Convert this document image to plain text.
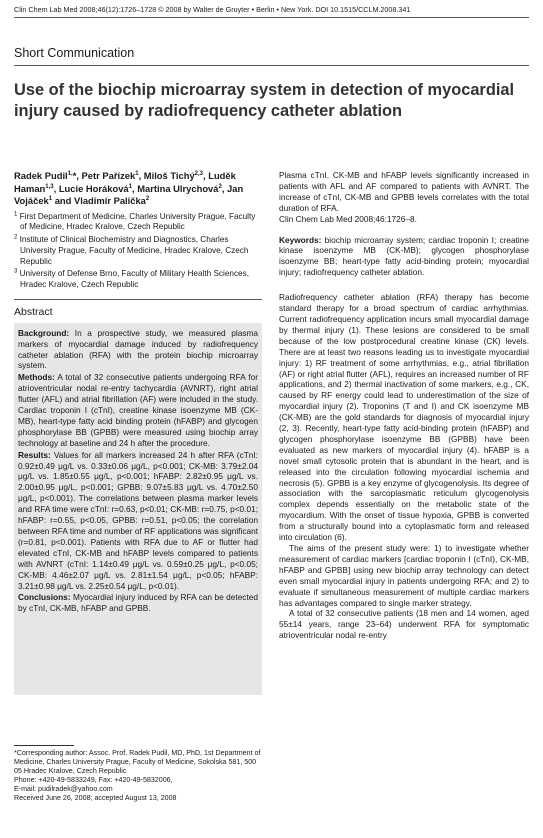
Clin Chem Lab Med 2008;46(12):1726–1728 © 2008 by Walter de Gruyter • Berlin • New York. DOI 10.1515/CCLM.2008.341
Short Communication
Use of the biochip microarray system in detection of myocardial injury caused by radiofrequency catheter ablation

Radek Pudil$^{1,}$*, Petr Pařízek$^1$, Miloš Tichý$^{2,3}$, Luděk Haman$^{1,3}$, Lucie Horáková$^1$, Martina Ulrychová$^2$, Jan Vojáček$^1$ and Vladimír Palička$^2$

$^1$ First Department of Medicine, Charles University Prague, Faculty of Medicine, Hradec Kralove, Czech Republic

$^2$ Institute of Clinical Biochemistry and Diagnostics, Charles University Prague, Faculty of Medicine, Hradec Kralove, Czech Republic

$^3$ University of Defense Brno, Faculty of Military Health Sciences, Hradec Kralove, Czech Republic

Abstract

Background: In a prospective study, we measured plasma markers of myocardial damage induced by radiofrequency catheter ablation (RFA) with the protein biochip microarray system.

Methods: A total of 32 consecutive patients undergoing RFA for atrioventricular nodal re-entry tachycardia (AVNRT), right atrial flutter (AFL) and atrial fibrillation (AF) were included in the study. Cardiac troponin I (cTnI), creatine kinase isoenzyme MB (CK-MB), heart-type fatty acid binding protein (hFABP) and glycogen phosphorylase BB (GPBB) were measured using biochip array technology at baseline and 24 h after the procedure.

Results: Values for all markers increased 24 h after RFA (cTnI: 0.92±0.49 μg/L vs. 0.33±0.06 μg/L, p<0.001; CK-MB: 3.79±2.04 μg/L vs. 1.85±0.55 μg/L, p<0.001; hFABP: 2.82±0.95 μg/L vs. 2.00±0.95 μg/L, p<0.001; GPBB: 9.07±5.83 μg/L vs. 4.70±2.50 μg/L, p<0.001). The correlations between plasma marker levels and RFA time were cTnI: r=0.63, p<0.01; CK-MB: r=0.75, p<0.01; hFABP: r=0.55, p<0.05, GPBB: r=0.51, p<0.05; the correlation between RFA time and number of RF applications was significant (r=0.81, p<0.001). Patients with RFA due to AF or flutter had elevated cTnI, CK-MB and hFABP levels compared to patients with AVNRT (cTnI: 1.14±0.49 μg/L vs. 0.59±0.25 μg/L, p<0.05; CK-MB: 4.46±2.07 μg/L vs. 2.81±1.54 μg/L, p<0.05; hFABP: 3.21±0.98 μg/L vs. 2.25±0.54 μg/L, p<0.01).

Conclusions: Myocardial injury induced by RFA can be detected by cTnI, CK-MB, hFABP and GPBB.

*Corresponding author: Assoc. Prof. Radek Pudil, MD, PhD, 1st Department of Medicine, Charles University Prague, Faculty of Medicine, Sokolska 581, 500 05 Hradec Kralove, Czech Republic

Phone: +420-49-5833249, Fax: +420-49-5832006,

E-mail: pudilradek@yahoo.com

Received June 26, 2008; accepted August 13, 2008

Plasma cTnI, CK-MB and hFABP levels significantly increased in patients with AFL and AF compared to patients with AVNRT. The increase of cTnI, CK-MB and GPBB levels correlates with the total duration of RFA.

Clin Chem Lab Med 2008;46:1726–8.

Keywords: biochip microarray system; cardiac troponin I; creatine kinase isoenzyme MB (CK-MB); glycogen phosphorylase isoenzyme BB; heart-type fatty acid-binding protein; myocardial injury; radiofrequency catheter ablation.

Radiofrequency catheter ablation (RFA) therapy has become standard therapy for a broad spectrum of cardiac arrhythmias. Current radiofrequency application incurs small myocardial damage by thermal injury (1). These lesions are considered to be small because of the low postprocedural creatine kinase (CK) levels. There are at least two reasons leading us to investigate myocardial injury: 1) RF treatment of some arrhythmias, e.g., atrial fibrillation (AF) or right atrial flutter (AFL), requires an increased number of RF applications, and 2) thermal inactivation of some markers, e.g., CK, caused by RF energy could lead to underestimation of the size of myocardial injury (2). Troponins (T and I) and CK isoenzyme MB (CK-MB) are the gold standards for diagnosis of myocardial injury (2, 3). Recently, heart-type fatty acid-binding protein (hFABP) and glycogen phosphorylase isoenzyme BB (GPBB) have been evaluated as new markers of myocardial injury (4). hFABP is a novel small cytosolic protein that is abundant in the heart, and is released into the circulation following myocardial ischemia and necrosis (5). GPBB is a key enzyme of glycogenolysis. Its degree of association with the sarcoplasmatic reticulum glycogenolysis complex depends essentially on the metabolic state of the myocardium. With the onset of tissue hypoxia, GPBB is converted from a structurally bound into a cytoplasmatic form and released into circulation (6).

The aims of the present study were: 1) to investigate whether measurement of cardiac markers [cardiac troponin I (cTnI), CK-MB, hFABP and GPBB] using new biochip array technology can detect even small myocardial injury in patients undergoing RFA; and 2) to evaluate if simultaneous measurement of multiple cardiac markers has advantages compared to single marker strategy.

A total of 32 consecutive patients (18 men and 14 women, aged 55±14 years, range 23–64) underwent RFA for symptomatic atrioventricular nodal re-entry
